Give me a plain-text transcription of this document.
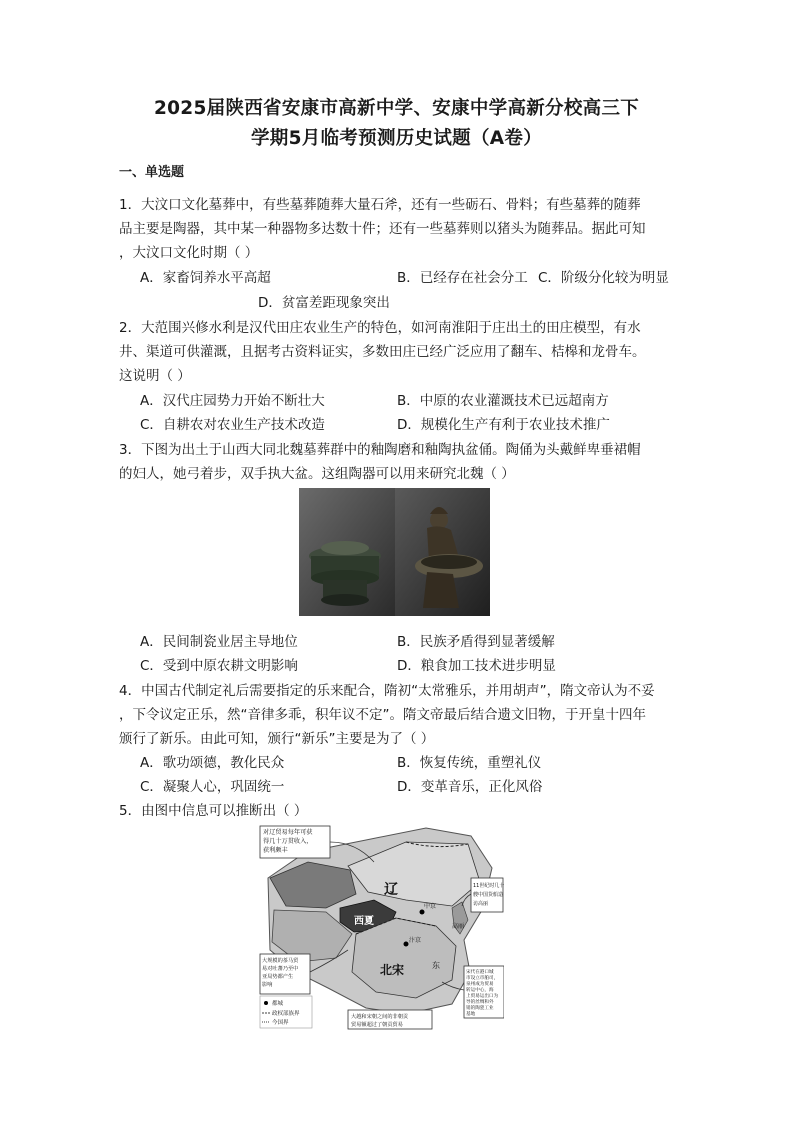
2025届陕西省安康市高新中学、安康中学高新分校高三下
学期5月临考预测历史试题（A卷）
一、单选题
1．大汶口文化墓葬中，有些墓葬随葬大量石斧，还有一些砺石、骨料；有些墓葬的随葬
品主要是陶器，其中某一种器物多达数十件；还有一些墓葬则以猪头为随葬品。据此可知
，大汶口文化时期（ ）
A．家畜饲养水平高超	B．已经存在社会分工 C．阶级分化较为明显
D．贫富差距现象突出
2．大范围兴修水利是汉代田庄农业生产的特色，如河南淮阳于庄出土的田庄模型，有水
井、渠道可供灌溉，且据考古资料证实，多数田庄已经广泛应用了翻车、桔槔和龙骨车。
这说明（ ）
A．汉代庄园势力开始不断壮大	B．中原的农业灌溉技术已远超南方
C．自耕农对农业生产技术改造	D．规模化生产有利于农业技术推广
3．下图为出土于山西大同北魏墓葬群中的釉陶磨和釉陶执盆俑。陶俑为头戴鲜卑垂裙帽
的妇人，她弓着步，双手执大盆。这组陶器可以用来研究北魏（ ）
A．民间制瓷业居主导地位	B．民族矛盾得到显著缓解
C．受到中原农耕文明影响	D．粮食加工技术进步明显
4．中国古代制定礼后需要指定的乐来配合，隋初“太常雅乐，并用胡声”，隋文帝认为不妥
，下令议定正乐，然“音律多乖，积年议不定”。隋文帝最后结合遗文旧物，于开皇十四年
颁行了新乐。由此可知，颁行“新乐”主要是为了（ ）
A．歌功颂德，教化民众	B．恢复传统，重塑礼仪
C．凝聚人心，巩固统一	D．变革音乐，正化风俗
5．由图中信息可以推断出（ ）
对辽贸易每年可获
得几十万贯收入，
获利颇丰
11世纪时几十
艘中国货船造
访高丽
大规模的茶马贸
易对吐蕃乃至中
亚局势都产生
影响
宋代在港口城
市设立市舶司，
泉州成为贸易
转运中心，海
上贸易运出口为
导的丝绸和外
销的陶瓷工业
基地
大越和宋朝之间的非朝贡
贸易额超过了朝贡贸易
辽
西夏
北宋	东
中京
汴京
高丽
都城
政权部族界
今国界
